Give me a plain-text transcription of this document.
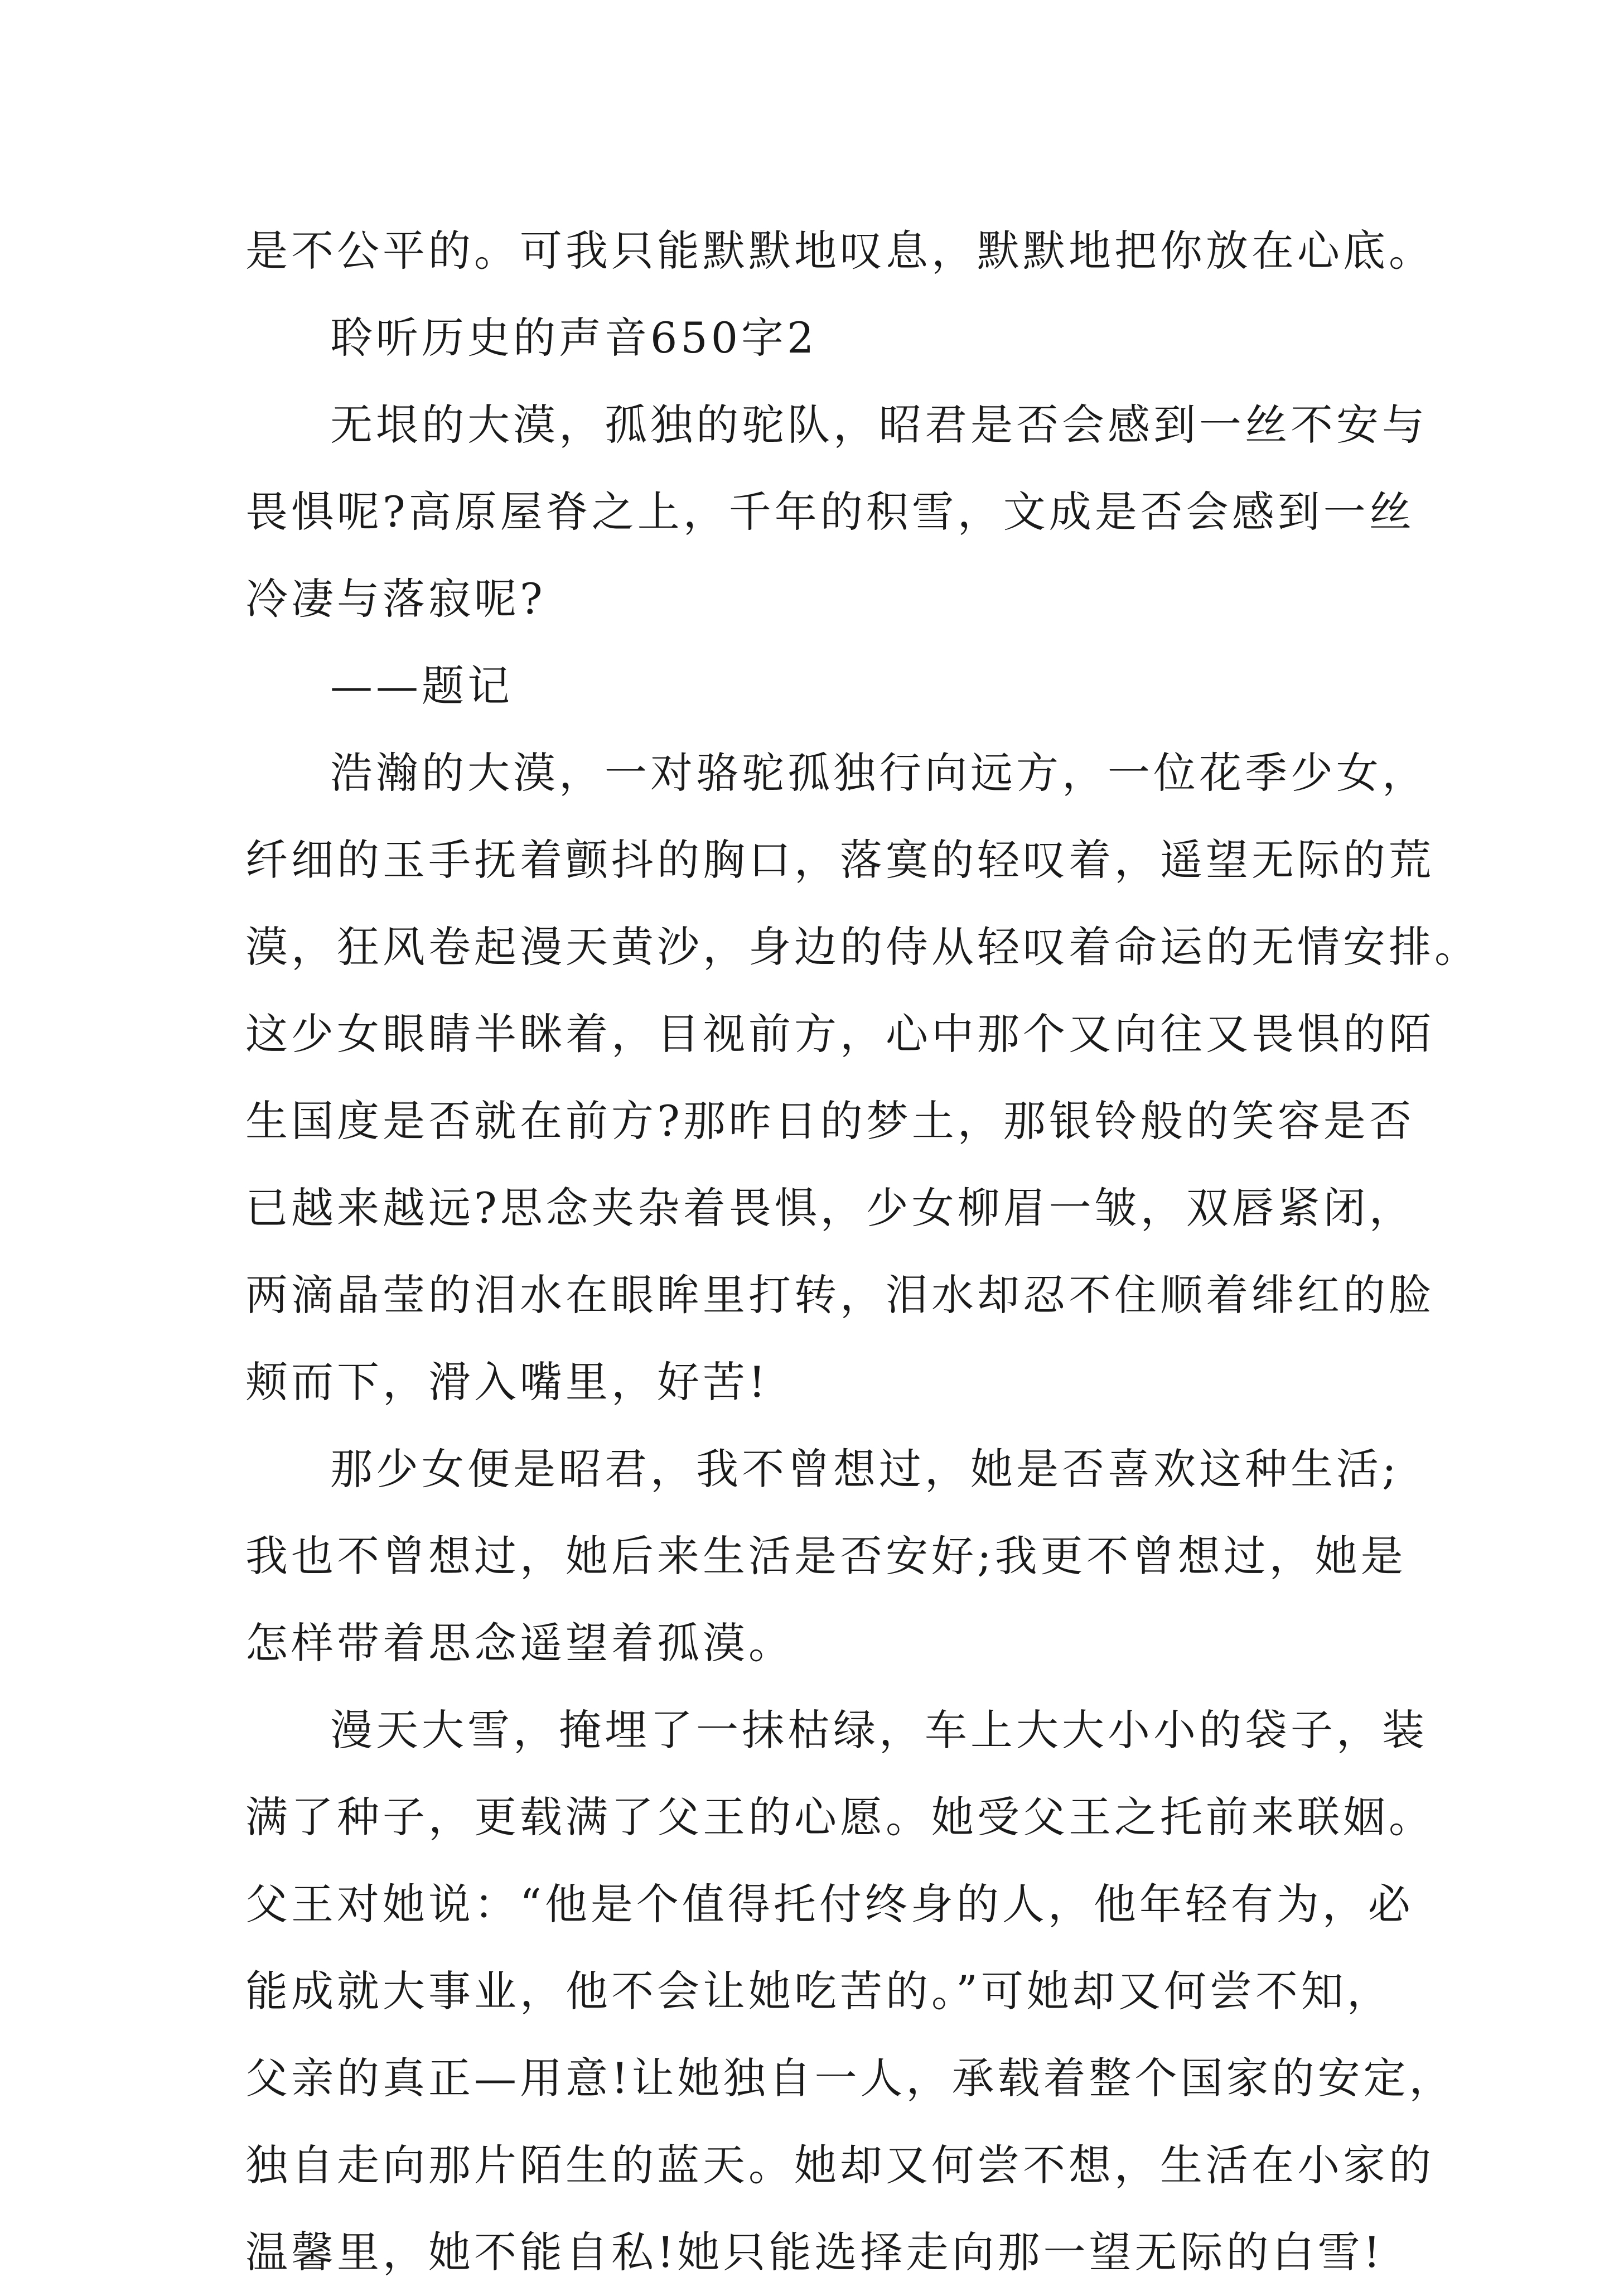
是不公平的。可我只能默默地叹息，默默地把你放在心底。
聆听历史的声音650字2
无垠的大漠，孤独的驼队，昭君是否会感到一丝不安与
畏惧呢?高原屋脊之上，千年的积雪，文成是否会感到一丝
冷凄与落寂呢?
——题记
浩瀚的大漠，一对骆驼孤独行向远方，一位花季少女，
纤细的玉手抚着颤抖的胸口，落寞的轻叹着，遥望无际的荒
漠，狂风卷起漫天黄沙，身边的侍从轻叹着命运的无情安排。
这少女眼睛半眯着，目视前方，心中那个又向往又畏惧的陌
生国度是否就在前方?那昨日的梦土，那银铃般的笑容是否
已越来越远?思念夹杂着畏惧，少女柳眉一皱，双唇紧闭，
两滴晶莹的泪水在眼眸里打转，泪水却忍不住顺着绯红的脸
颊而下，滑入嘴里，好苦!
那少女便是昭君，我不曾想过，她是否喜欢这种生活;
我也不曾想过，她后来生活是否安好;我更不曾想过，她是
怎样带着思念遥望着孤漠。
漫天大雪，掩埋了一抹枯绿，车上大大小小的袋子，装
满了种子，更载满了父王的心愿。她受父王之托前来联姻。
父王对她说：“他是个值得托付终身的人，他年轻有为，必
能成就大事业，他不会让她吃苦的。”可她却又何尝不知，
父亲的真正—用意!让她独自一人，承载着整个国家的安定，
独自走向那片陌生的蓝天。她却又何尝不想，生活在小家的
温馨里，她不能自私!她只能选择走向那一望无际的白雪!
